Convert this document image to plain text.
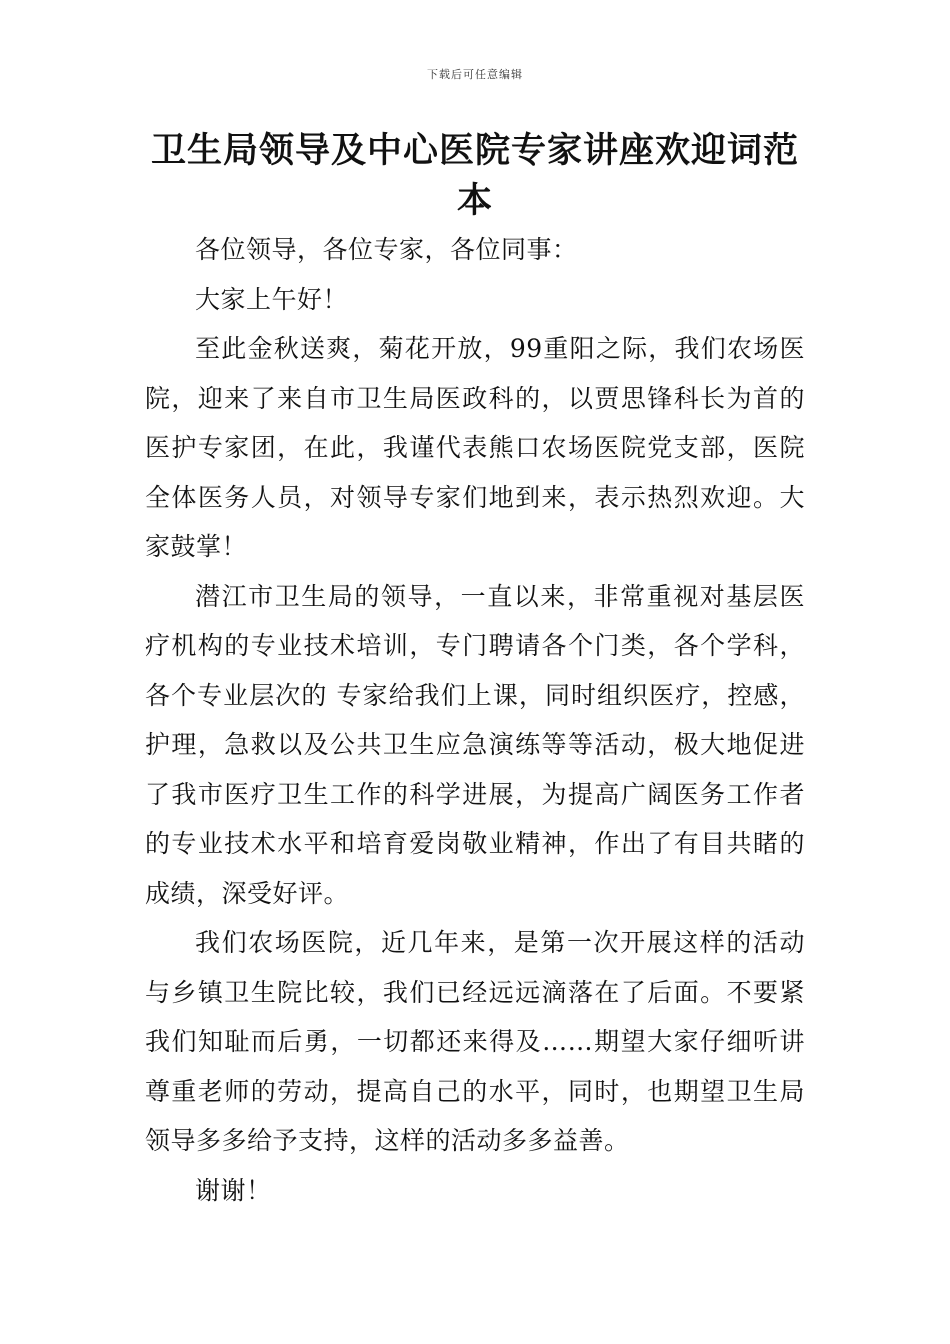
下载后可任意编辑
卫生局领导及中心医院专家讲座欢迎词范本

各位领导，各位专家，各位同事：

大家上午好！

至此金秋送爽，菊花开放，99重阳之际，我们农场医院，迎来了来自市卫生局医政科的，以贾思锋科长为首的医护专家团，在此，我谨代表熊口农场医院党支部，医院全体医务人员，对领导专家们地到来，表示热烈欢迎。大家鼓掌！

潜江市卫生局的领导，一直以来，非常重视对基层医疗机构的专业技术培训，专门聘请各个门类，各个学科，各个专业层次的 专家给我们上课，同时组织医疗，控感，护理，急救以及公共卫生应急演练等等活动，极大地促进了我市医疗卫生工作的科学进展，为提高广阔医务工作者的专业技术水平和培育爱岗敬业精神，作出了有目共睹的成绩，深受好评。

我们农场医院，近几年来，是第一次开展这样的活动与乡镇卫生院比较，我们已经远远滴落在了后面。不要紧我们知耻而后勇，一切都还来得及……期望大家仔细听讲尊重老师的劳动，提高自己的水平，同时，也期望卫生局领导多多给予支持，这样的活动多多益善。

谢谢！
